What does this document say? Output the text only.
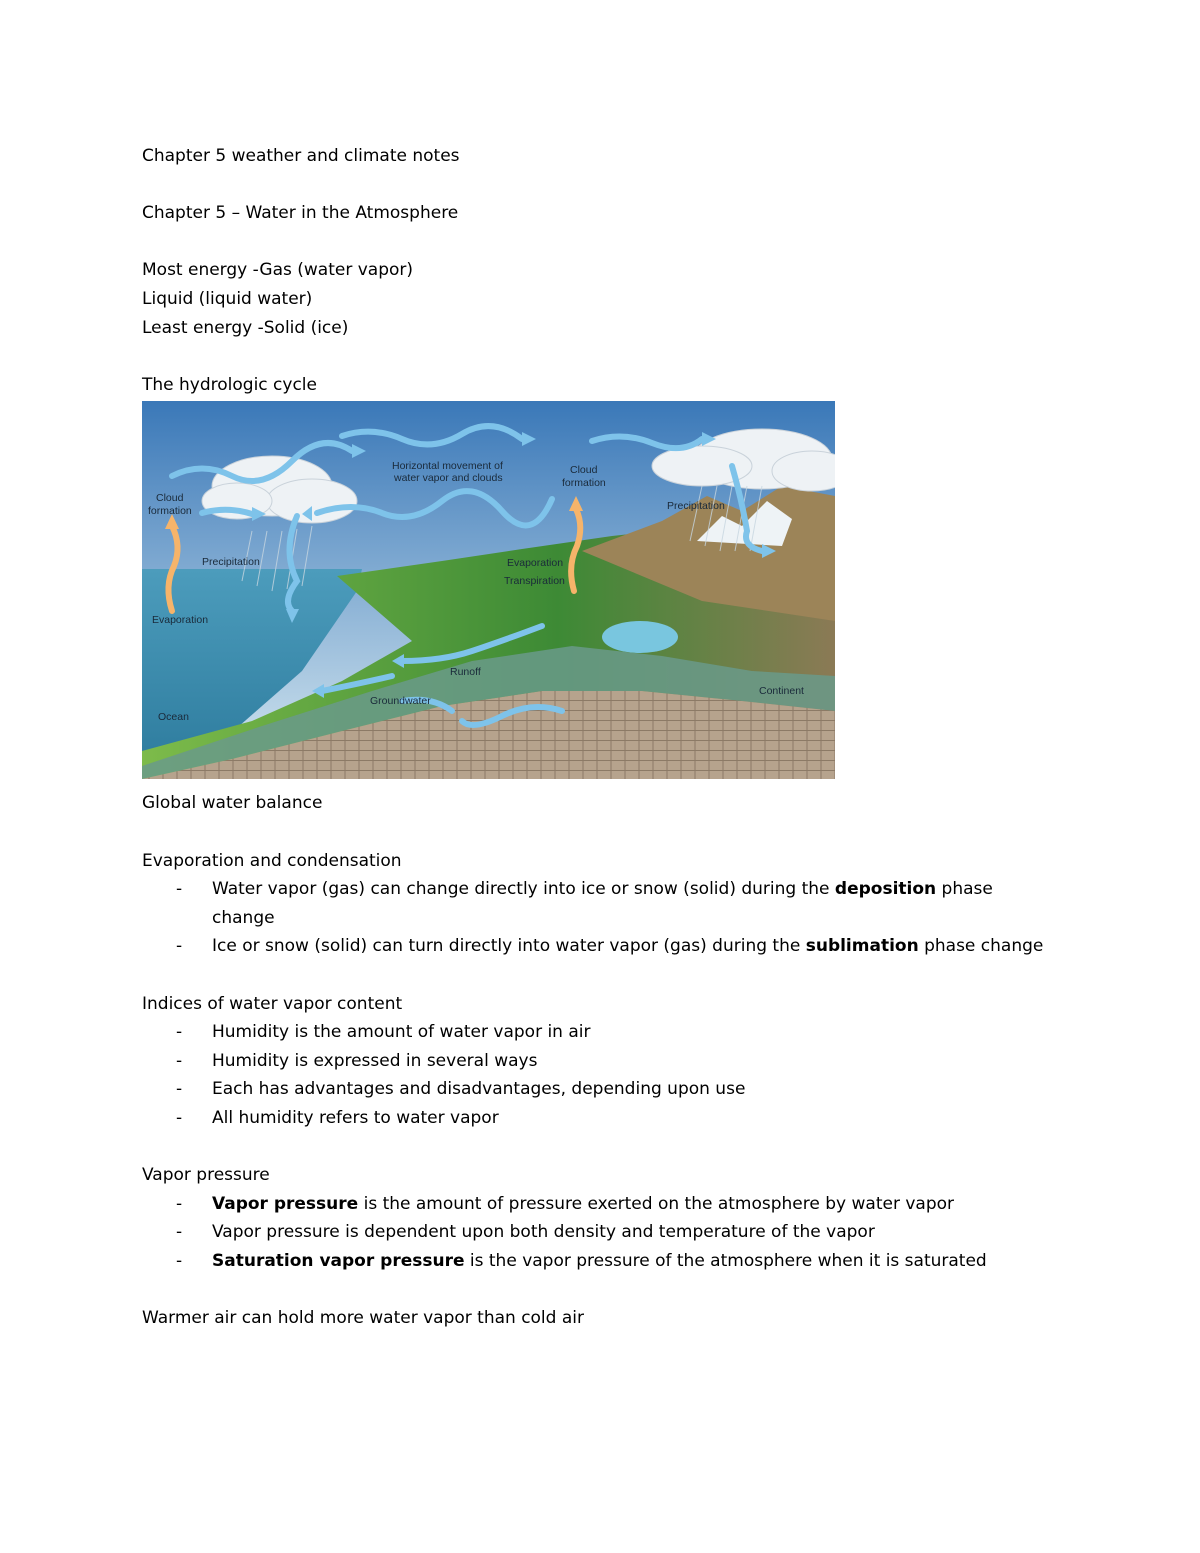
Chapter 5 weather and climate notes
Chapter 5 – Water in the Atmosphere
Most energy -Gas (water vapor)
Liquid (liquid water)
Least energy -Solid (ice)
The hydrologic cycle
Horizontal movement of
water vapor and clouds
Cloud
formation
Cloud
formation
Precipitation
Precipitation
Evaporation
Evaporation
Transpiration
Runoff
Groundwater
Continent
Ocean
Global water balance
Evaporation and condensation
- Water vapor (gas) can change directly into ice or snow (solid) during the deposition phase
change
- Ice or snow (solid) can turn directly into water vapor (gas) during the sublimation phase change
Indices of water vapor content
- Humidity is the amount of water vapor in air
- Humidity is expressed in several ways
- Each has advantages and disadvantages, depending upon use
- All humidity refers to water vapor
Vapor pressure
- Vapor pressure is the amount of pressure exerted on the atmosphere by water vapor
- Vapor pressure is dependent upon both density and temperature of the vapor
- Saturation vapor pressure is the vapor pressure of the atmosphere when it is saturated
Warmer air can hold more water vapor than cold air
